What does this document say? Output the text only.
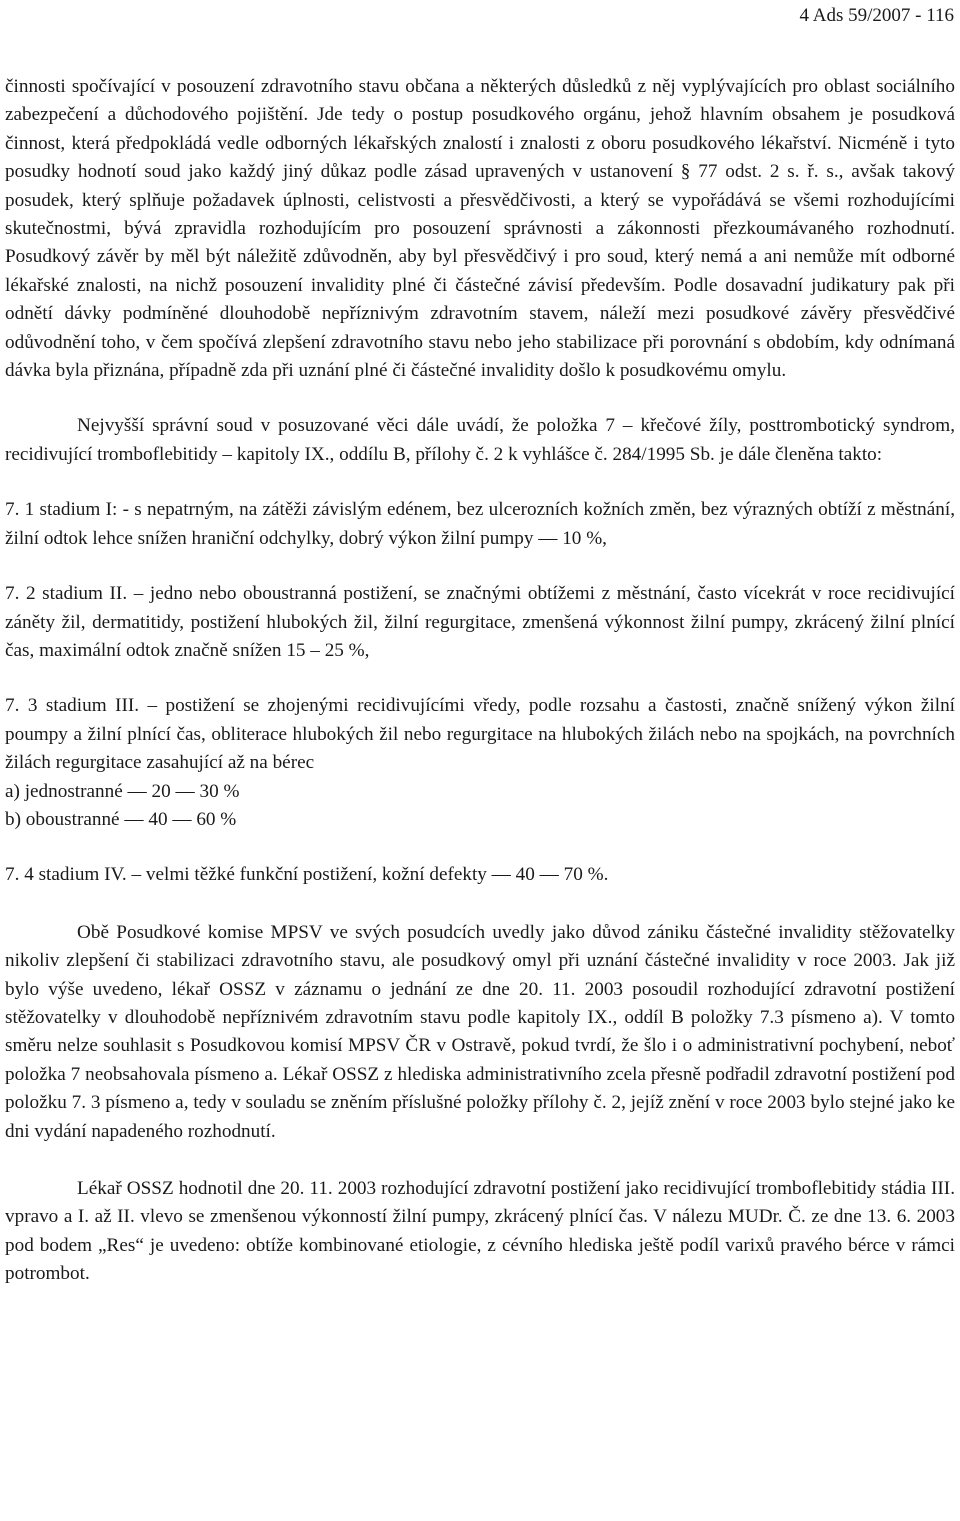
4 Ads 59/2007 - 116

činnosti spočívající v posouzení zdravotního stavu občana a některých důsledků z něj vyplývajících pro oblast sociálního zabezpečení a důchodového pojištění. Jde tedy o postup posudkového orgánu, jehož hlavním obsahem je posudková činnost, která předpokládá vedle odborných lékařských znalostí i znalosti z oboru posudkového lékařství. Nicméně i tyto posudky hodnotí soud jako každý jiný důkaz podle zásad upravených v ustanovení § 77 odst. 2 s. ř. s., avšak takový posudek, který splňuje požadavek úplnosti, celistvosti a přesvědčivosti, a který se vypořádává se všemi rozhodujícími skutečnostmi, bývá zpravidla rozhodujícím pro posouzení správnosti a zákonnosti přezkoumávaného rozhodnutí. Posudkový závěr by měl být náležitě zdůvodněn, aby byl přesvědčivý i pro soud, který nemá a ani nemůže mít odborné lékařské znalosti, na nichž posouzení invalidity plné či částečné závisí především. Podle dosavadní judikatury pak při odnětí dávky podmíněné dlouhodobě nepříznivým zdravotním stavem, náleží mezi posudkové závěry přesvědčivé odůvodnění toho, v čem spočívá zlepšení zdravotního stavu nebo jeho stabilizace při porovnání s obdobím, kdy odnímaná dávka byla přiznána, případně zda při uznání plné či částečné invalidity došlo k posudkovému omylu.

Nejvyšší správní soud v posuzované věci dále uvádí, že položka 7 – křečové žíly, posttrombotický syndrom, recidivující tromboflebitidy – kapitoly IX., oddílu B, přílohy č. 2 k vyhlášce č. 284/1995 Sb. je dále členěna takto:

7. 1 stadium I: - s nepatrným, na zátěži závislým edénem, bez ulcerozních kožních změn, bez výrazných obtíží z městnání, žilní odtok lehce snížen hraniční odchylky, dobrý výkon žilní pumpy — 10 %,

7. 2 stadium II. – jedno nebo oboustranná postižení, se značnými obtížemi z městnání, často vícekrát v roce recidivující záněty žil, dermatitidy, postižení hlubokých žil, žilní regurgitace, zmenšená výkonnost žilní pumpy, zkrácený žilní plnící čas, maximální odtok značně snížen 15 – 25 %,

7. 3 stadium III. – postižení se zhojenými recidivujícími vředy, podle rozsahu a častosti, značně snížený výkon žilní poumpy a žilní plnící čas, obliterace hlubokých žil nebo regurgitace na hlubokých žilách nebo na spojkách, na povrchních žilách regurgitace zasahující až na bérec

a) jednostranné — 20 — 30 %

b) oboustranné — 40 — 60 %

7. 4 stadium IV. – velmi těžké funkční postižení, kožní defekty — 40 — 70 %.

Obě Posudkové komise MPSV ve svých posudcích uvedly jako důvod zániku částečné invalidity stěžovatelky nikoliv zlepšení či stabilizaci zdravotního stavu, ale posudkový omyl při uznání částečné invalidity v roce 2003. Jak již bylo výše uvedeno, lékař OSSZ v záznamu o jednání ze dne 20. 11. 2003 posoudil rozhodující zdravotní postižení stěžovatelky v dlouhodobě nepříznivém zdravotním stavu podle kapitoly IX., oddíl B položky 7.3 písmeno a). V tomto směru nelze souhlasit s Posudkovou komisí MPSV ČR v Ostravě, pokud tvrdí, že šlo i o administrativní pochybení, neboť položka 7 neobsahovala písmeno a. Lékař OSSZ z hlediska administrativního zcela přesně podřadil zdravotní postižení pod položku 7. 3 písmeno a, tedy v souladu se zněním příslušné položky přílohy č. 2, jejíž znění v roce 2003 bylo stejné jako ke dni vydání napadeného rozhodnutí.

Lékař OSSZ hodnotil dne 20. 11. 2003 rozhodující zdravotní postižení jako recidivující tromboflebitidy stádia III. vpravo a I. až II. vlevo se zmenšenou výkonností žilní pumpy, zkrácený plnící čas. V nálezu MUDr. Č. ze dne 13. 6. 2003 pod bodem „Res“ je uvedeno: obtíže kombinované etiologie, z cévního hlediska ještě podíl varixů pravého bérce v rámci potrombot.
